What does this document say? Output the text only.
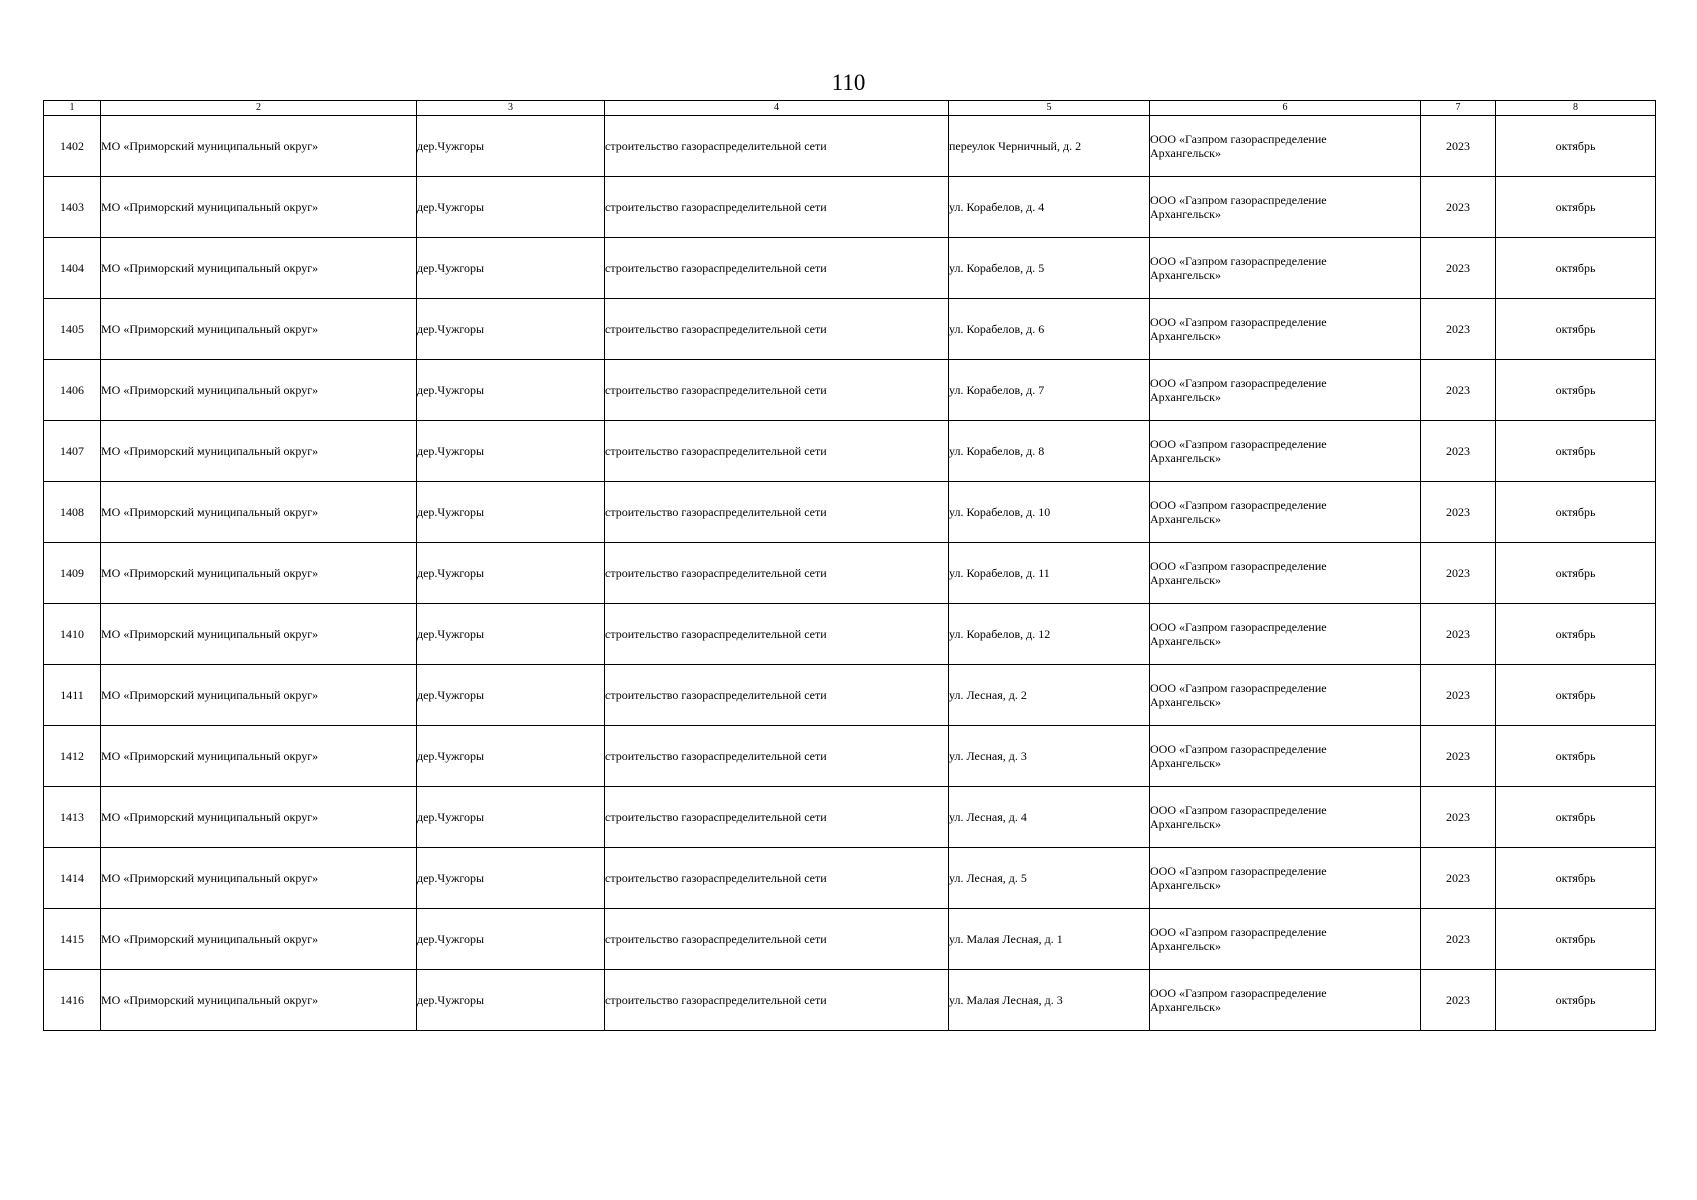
110
1	2	3	4	5	6	7	8
1402	МО «Приморский муниципальный округ»	дер.Чужгоры	строительство газораспределительной сети	переулок Черничный, д. 2	ООО «Газпром газораспределение
Архангельск»	2023	октябрь
1403	МО «Приморский муниципальный округ»	дер.Чужгоры	строительство газораспределительной сети	ул. Корабелов, д. 4	ООО «Газпром газораспределение
Архангельск»	2023	октябрь
1404	МО «Приморский муниципальный округ»	дер.Чужгоры	строительство газораспределительной сети	ул. Корабелов, д. 5	ООО «Газпром газораспределение
Архангельск»	2023	октябрь
1405	МО «Приморский муниципальный округ»	дер.Чужгоры	строительство газораспределительной сети	ул. Корабелов, д. 6	ООО «Газпром газораспределение
Архангельск»	2023	октябрь
1406	МО «Приморский муниципальный округ»	дер.Чужгоры	строительство газораспределительной сети	ул. Корабелов, д. 7	ООО «Газпром газораспределение
Архангельск»	2023	октябрь
1407	МО «Приморский муниципальный округ»	дер.Чужгоры	строительство газораспределительной сети	ул. Корабелов, д. 8	ООО «Газпром газораспределение
Архангельск»	2023	октябрь
1408	МО «Приморский муниципальный округ»	дер.Чужгоры	строительство газораспределительной сети	ул. Корабелов, д. 10	ООО «Газпром газораспределение
Архангельск»	2023	октябрь
1409	МО «Приморский муниципальный округ»	дер.Чужгоры	строительство газораспределительной сети	ул. Корабелов, д. 11	ООО «Газпром газораспределение
Архангельск»	2023	октябрь
1410	МО «Приморский муниципальный округ»	дер.Чужгоры	строительство газораспределительной сети	ул. Корабелов, д. 12	ООО «Газпром газораспределение
Архангельск»	2023	октябрь
1411	МО «Приморский муниципальный округ»	дер.Чужгоры	строительство газораспределительной сети	ул. Лесная, д. 2	ООО «Газпром газораспределение
Архангельск»	2023	октябрь
1412	МО «Приморский муниципальный округ»	дер.Чужгоры	строительство газораспределительной сети	ул. Лесная, д. 3	ООО «Газпром газораспределение
Архангельск»	2023	октябрь
1413	МО «Приморский муниципальный округ»	дер.Чужгоры	строительство газораспределительной сети	ул. Лесная, д. 4	ООО «Газпром газораспределение
Архангельск»	2023	октябрь
1414	МО «Приморский муниципальный округ»	дер.Чужгоры	строительство газораспределительной сети	ул. Лесная, д. 5	ООО «Газпром газораспределение
Архангельск»	2023	октябрь
1415	МО «Приморский муниципальный округ»	дер.Чужгоры	строительство газораспределительной сети	ул. Малая Лесная, д. 1	ООО «Газпром газораспределение
Архангельск»	2023	октябрь
1416	МО «Приморский муниципальный округ»	дер.Чужгоры	строительство газораспределительной сети	ул. Малая Лесная, д. 3	ООО «Газпром газораспределение
Архангельск»	2023	октябрь
